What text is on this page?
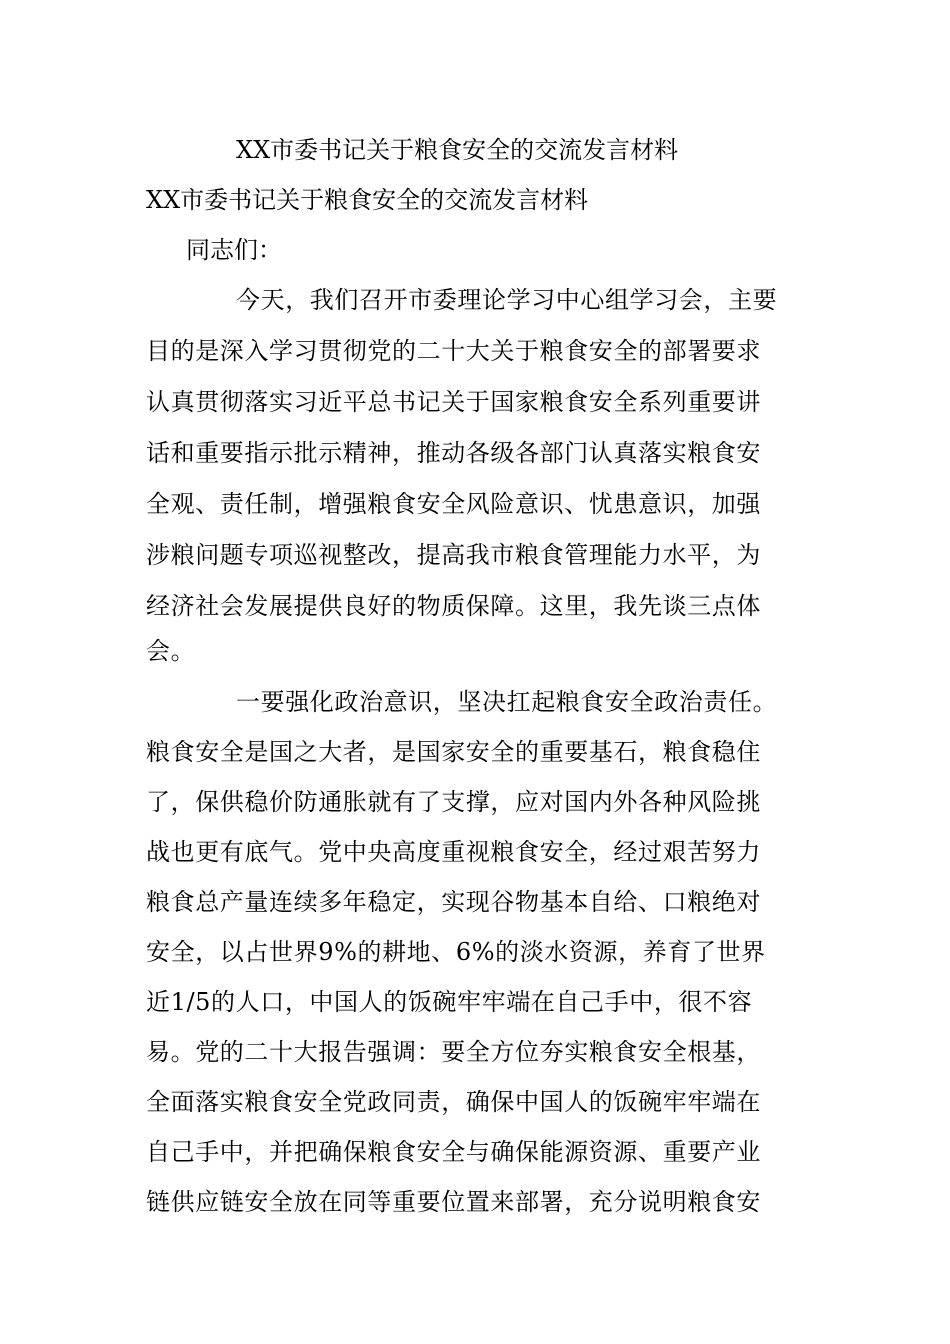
XX市委书记关于粮食安全的交流发言材料
XX市委书记关于粮食安全的交流发言材料
同志们：
今天，我们召开市委理论学习中心组学习会，主要
目的是深入学习贯彻党的二十大关于粮食安全的部署要求
认真贯彻落实习近平总书记关于国家粮食安全系列重要讲
话和重要指示批示精神，推动各级各部门认真落实粮食安
全观、责任制，增强粮食安全风险意识、忧患意识，加强
涉粮问题专项巡视整改，提高我市粮食管理能力水平，为
经济社会发展提供良好的物质保障。这里，我先谈三点体
会。
一要强化政治意识，坚决扛起粮食安全政治责任。
粮食安全是国之大者，是国家安全的重要基石，粮食稳住
了，保供稳价防通胀就有了支撑，应对国内外各种风险挑
战也更有底气。党中央高度重视粮食安全，经过艰苦努力
粮食总产量连续多年稳定，实现谷物基本自给、口粮绝对
安全，以占世界9%的耕地、6%的淡水资源，养育了世界
近1/5的人口，中国人的饭碗牢牢端在自己手中，很不容
易。党的二十大报告强调：要全方位夯实粮食安全根基，
全面落实粮食安全党政同责，确保中国人的饭碗牢牢端在
自己手中，并把确保粮食安全与确保能源资源、重要产业
链供应链安全放在同等重要位置来部署，充分说明粮食安
